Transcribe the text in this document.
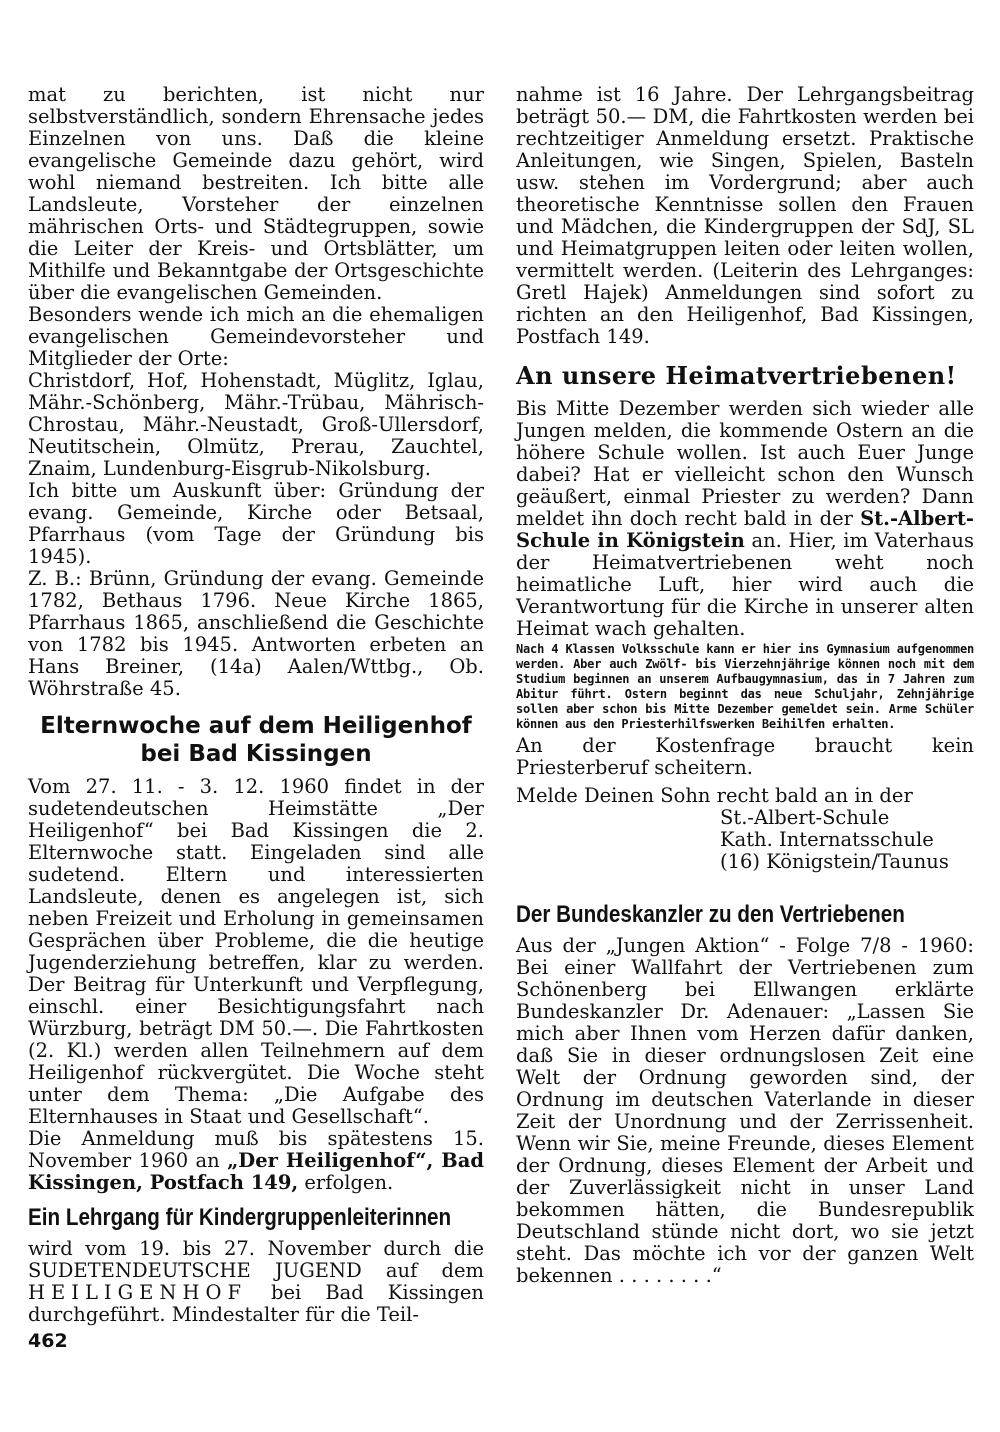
mat zu berichten, ist nicht nur selbstverständlich, sondern Ehrensache jedes Einzelnen von uns. Daß die kleine evangelische Gemeinde dazu gehört, wird wohl niemand bestreiten. Ich bitte alle Landsleute, Vorsteher der einzelnen mährischen Orts- und Städtegruppen, sowie die Leiter der Kreis- und Ortsblätter, um Mithilfe und Bekanntgabe der Ortsgeschichte über die evangelischen Gemeinden.

Besonders wende ich mich an die ehemaligen evangelischen Gemeindevorsteher und Mitglieder der Orte:

Christdorf, Hof, Hohenstadt, Müglitz, Iglau, Mähr.-Schönberg, Mähr.-Trübau, Mährisch-Chrostau, Mähr.-Neustadt, Groß-Ullersdorf, Neutitschein, Olmütz, Prerau, Zauchtel, Znaim, Lundenburg-Eisgrub-Nikolsburg.

Ich bitte um Auskunft über: Gründung der evang. Gemeinde, Kirche oder Betsaal, Pfarrhaus (vom Tage der Gründung bis 1945).

Z. B.: Brünn, Gründung der evang. Gemeinde 1782, Bethaus 1796. Neue Kirche 1865, Pfarrhaus 1865, anschließend die Geschichte von 1782 bis 1945. Antworten erbeten an Hans Breiner, (14a) Aalen/Wttbg., Ob. Wöhrstraße 45.

Elternwoche auf dem Heiligenhof
bei Bad Kissingen

Vom 27. 11. - 3. 12. 1960 findet in der sudetendeutschen Heimstätte „Der Heiligenhof“ bei Bad Kissingen die 2. Elternwoche statt. Eingeladen sind alle sudetend. Eltern und interessierten Landsleute, denen es angelegen ist, sich neben Freizeit und Erholung in gemeinsamen Gesprächen über Probleme, die die heutige Jugenderziehung betreffen, klar zu werden. Der Beitrag für Unterkunft und Verpflegung, einschl. einer Besichtigungsfahrt nach Würzburg, beträgt DM 50.—. Die Fahrtkosten (2. Kl.) werden allen Teilnehmern auf dem Heiligenhof rückvergütet. Die Woche steht unter dem Thema: „Die Aufgabe des Elternhauses in Staat und Gesellschaft“.

Die Anmeldung muß bis spätestens 15. November 1960 an „Der Heiligenhof“, Bad Kissingen, Postfach 149, erfolgen.

Ein Lehrgang für Kindergruppenleiterinnen

wird vom 19. bis 27. November durch die SUDETENDEUTSCHE JUGEND auf dem HEILIGENHOF bei Bad Kissingen durchgeführt. Mindestalter für die Teil-

nahme ist 16 Jahre. Der Lehrgangsbeitrag beträgt 50.— DM, die Fahrtkosten werden bei rechtzeitiger Anmeldung ersetzt. Praktische Anleitungen, wie Singen, Spielen, Basteln usw. stehen im Vordergrund; aber auch theoretische Kenntnisse sollen den Frauen und Mädchen, die Kindergruppen der SdJ, SL und Heimatgruppen leiten oder leiten wollen, vermittelt werden. (Leiterin des Lehrganges: Gretl Hajek) Anmeldungen sind sofort zu richten an den Heiligenhof, Bad Kissingen, Postfach 149.

An unsere Heimatvertriebenen!

Bis Mitte Dezember werden sich wieder alle Jungen melden, die kommende Ostern an die höhere Schule wollen. Ist auch Euer Junge dabei? Hat er vielleicht schon den Wunsch geäußert, einmal Priester zu werden? Dann meldet ihn doch recht bald in der St.-Albert-Schule in Königstein an. Hier, im Vaterhaus der Heimatvertriebenen weht noch heimatliche Luft, hier wird auch die Verantwortung für die Kirche in unserer alten Heimat wach gehalten.

Nach 4 Klassen Volksschule kann er hier ins Gymnasium aufgenommen werden. Aber auch Zwölf- bis Vierzehnjährige können noch mit dem Studium beginnen an unserem Aufbaugymnasium, das in 7 Jahren zum Abitur führt. Ostern beginnt das neue Schuljahr, Zehnjährige sollen aber schon bis Mitte Dezember gemeldet sein. Arme Schüler können aus den Priesterhilfswerken Beihilfen erhalten.

An der Kostenfrage braucht kein Priesterberuf scheitern.

Melde Deinen Sohn recht bald an in der

St.-Albert-Schule

Kath. Internatsschule

(16) Königstein/Taunus

Der Bundeskanzler zu den Vertriebenen

Aus der „Jungen Aktion“ - Folge 7/8 - 1960: Bei einer Wallfahrt der Vertriebenen zum Schönenberg bei Ellwangen erklärte Bundeskanzler Dr. Adenauer: „Lassen Sie mich aber Ihnen vom Herzen dafür danken, daß Sie in dieser ordnungslosen Zeit eine Welt der Ordnung geworden sind, der Ordnung im deutschen Vaterlande in dieser Zeit der Unordnung und der Zerrissenheit. Wenn wir Sie, meine Freunde, dieses Element der Ordnung, dieses Element der Arbeit und der Zuverlässigkeit nicht in unser Land bekommen hätten, die Bundesrepublik Deutschland stünde nicht dort, wo sie jetzt steht. Das möchte ich vor der ganzen Welt bekennen . . . . . . . .“

462
